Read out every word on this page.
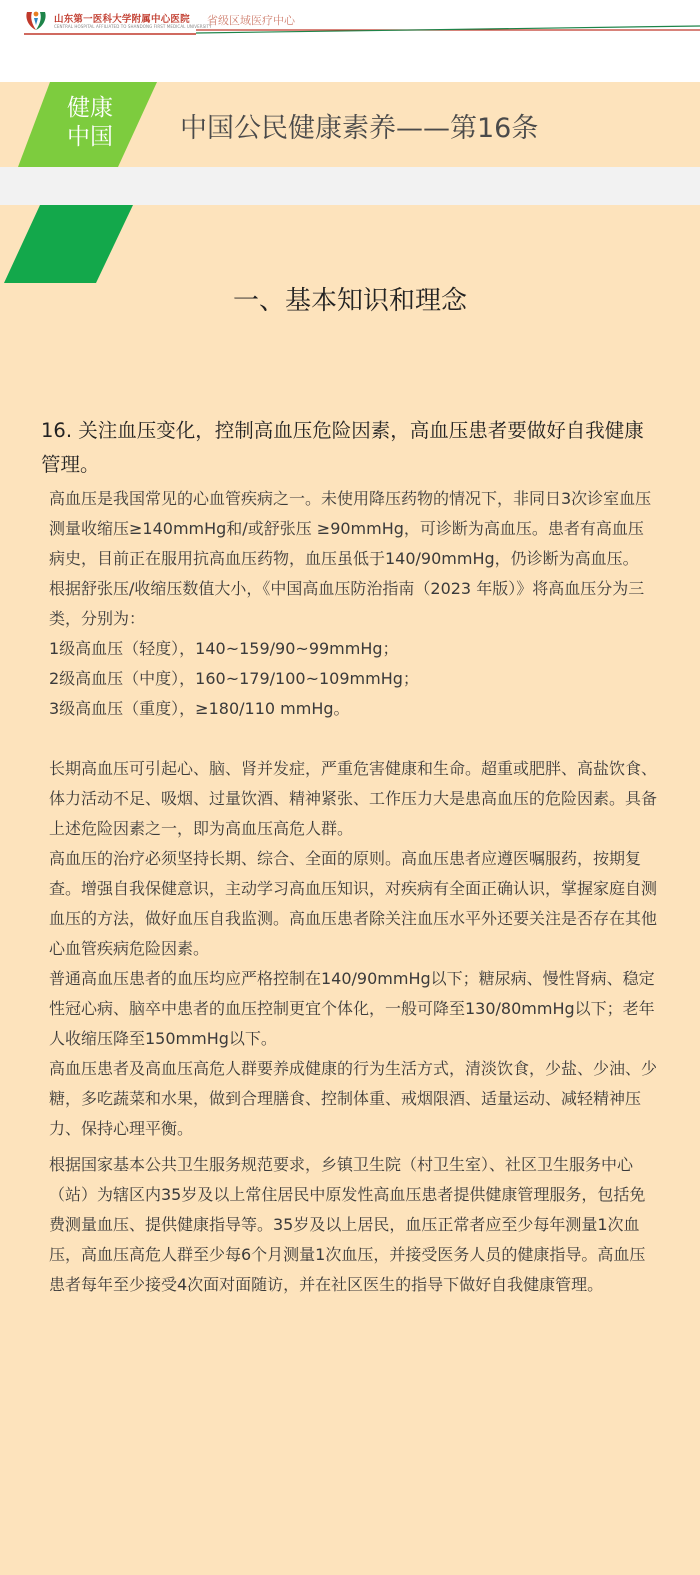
山东第一医科大学附属中心医院
CENTRAL HOSPITAL AFFILIATED TO SHANDONG FIRST MEDICAL UNIVERSITY
省级区域医疗中心
健康
中国 中国公民健康素养——第16条
一、基本知识和理念
16. 关注血压变化，控制高血压危险因素，高血压患者要做好自我健康管理。

高血压是我国常见的心血管疾病之一。未使用降压药物的情况下，非同日3次诊室血压测量收缩压≥140mmHg和/或舒张压 ≥90mmHg，可诊断为高血压。患者有高血压病史，目前正在服用抗高血压药物，血压虽低于140/90mmHg，仍诊断为高血压。

根据舒张压/收缩压数值大小，《中国高血压防治指南（2023 年版）》将高血压分为三类，分别为：

1级高血压（轻度），140~159/90~99mmHg；

2级高血压（中度），160~179/100~109mmHg；

3级高血压（重度），≥180/110 mmHg。

长期高血压可引起心、脑、肾并发症，严重危害健康和生命。超重或肥胖、高盐饮食、体力活动不足、吸烟、过量饮酒、精神紧张、工作压力大是患高血压的危险因素。具备上述危险因素之一，即为高血压高危人群。

高血压的治疗必须坚持长期、综合、全面的原则。高血压患者应遵医嘱服药，按期复查。增强自我保健意识，主动学习高血压知识，对疾病有全面正确认识，掌握家庭自测血压的方法，做好血压自我监测。高血压患者除关注血压水平外还要关注是否存在其他心血管疾病危险因素。

普通高血压患者的血压均应严格控制在140/90mmHg以下；糖尿病、慢性肾病、稳定性冠心病、脑卒中患者的血压控制更宜个体化，一般可降至130/80mmHg以下；老年人收缩压降至150mmHg以下。

高血压患者及高血压高危人群要养成健康的行为生活方式，清淡饮食，少盐、少油、少糖，多吃蔬菜和水果，做到合理膳食、控制体重、戒烟限酒、适量运动、减轻精神压力、保持心理平衡。

根据国家基本公共卫生服务规范要求，乡镇卫生院（村卫生室）、社区卫生服务中心（站）为辖区内35岁及以上常住居民中原发性高血压患者提供健康管理服务，包括免费测量血压、提供健康指导等。35岁及以上居民，血压正常者应至少每年测量1次血压，高血压高危人群至少每6个月测量1次血压，并接受医务人员的健康指导。高血压患者每年至少接受4次面对面随访，并在社区医生的指导下做好自我健康管理。
